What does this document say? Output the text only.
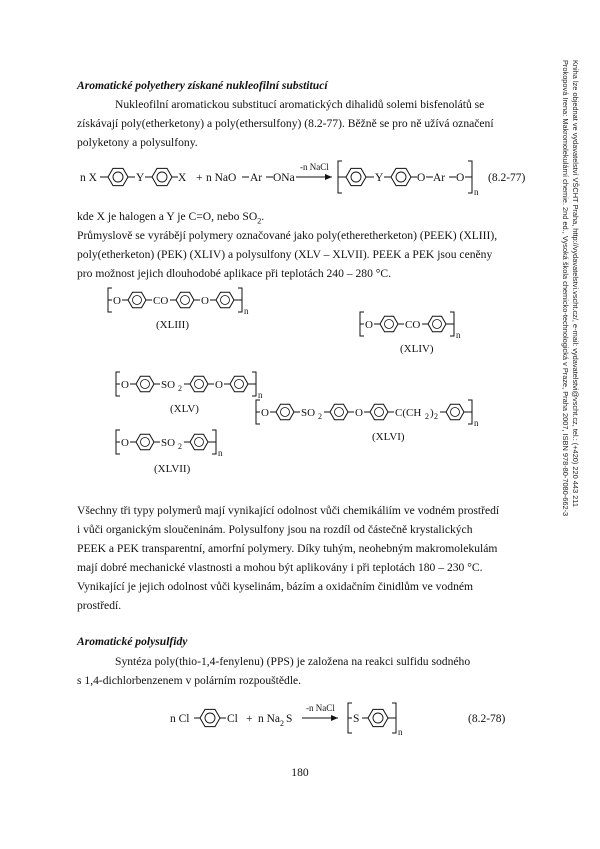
Prokopová Irena: Makromolekulární chemie. 2nd ed., Vysoká škola chemicko-technologická v Praze, Praha 2007, ISBN 978-80-7080-662-3 Kniha lze objednat ve vydavatelství VŠCHT Praha, http://vydavatelstvi.vscht.cz/, e-mail: vydavatelstvi@vscht.cz, tel.: (+420) 220 443 211
Aromatické polyethery získané nukleofilní substitucí
Nukleofilní aromatickou substitucí aromatických dihalidů solemi bisfenolátů se
získávají poly(etherketony) a poly(ethersulfony) (8.2-77). Běžně se pro ně užívá označení
polyketony a polysulfony.
n X	Y	X + n NaO Ar ONa
-n NaCl
Y	O Ar O
n
(8.2-77)
kde X je halogen a Y je C=O, nebo $SO_2$.
Průmyslově se vyrábějí polymery označované jako poly(etheretherketon) (PEEK) (XLIII),
poly(etherketon) (PEK) (XLIV) a polysulfony (XLV – XLVII). PEEK a PEK jsou ceněny
pro možnost jejich dlouhodobé aplikace při teplotách 240 – 280 °C.
O	CO	O
n
(XLIII)	O	CO
n
(XLIV)
O	SO 2	O
n
(XLV)	O	SO 2	O	C(CH 2 ) 2
n
(XLVI)
O	SO 2
n
(XLVII)
Všechny tři typy polymerů mají vynikající odolnost vůči chemikáliím ve vodném prostředí
i vůči organickým sloučeninám. Polysulfony jsou na rozdíl od částečně krystalických
PEEK a PEK transparentní, amorfní polymery. Díky tuhým, neohebným makromolekulám
mají dobré mechanické vlastnosti a mohou být aplikovány i při teplotách 180 – 230 °C.
Vynikající je jejich odolnost vůči kyselinám, bázím a oxidačním činidlům ve vodném
prostředí.
Aromatické polysulfidy
Syntéza poly(thio-1,4-fenylenu) (PPS) je založena na reakci sulfidu sodného
s 1,4-dichlorbenzenem v polárním rozpouštědle.
n Cl	Cl + n Na 2 S
-n NaCl
S
n
(8.2-78)
180
